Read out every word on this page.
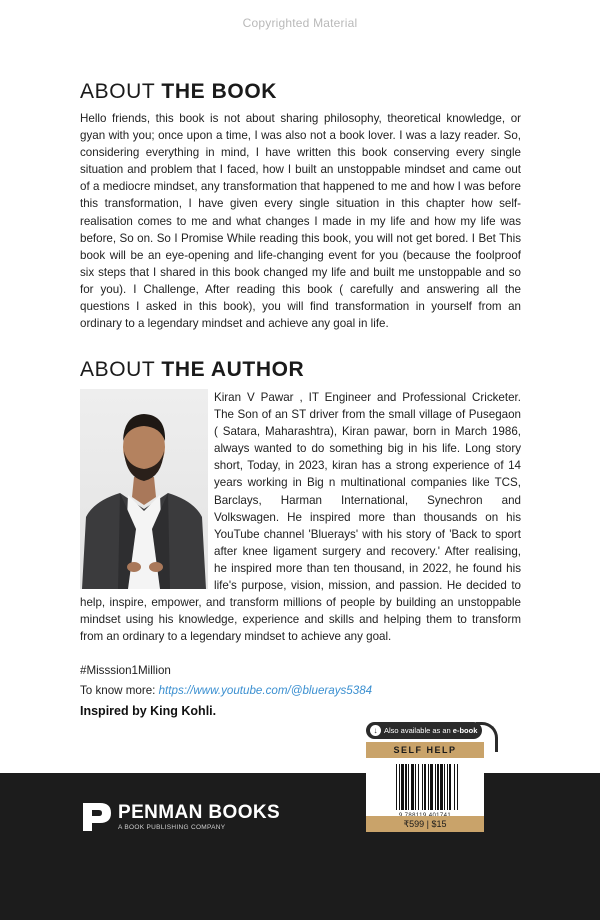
Copyrighted Material
ABOUT THE BOOK

Hello friends, this book is not about sharing philosophy, theoretical knowledge, or gyan with you; once upon a time, I was also not a book lover. I was a lazy reader. So, considering everything in mind, I have written this book conserving every single situation and problem that I faced, how I built an unstoppable mindset and came out of a mediocre mindset, any transformation that happened to me and how I was before this transformation, I have given every single situation in this chapter how self-realisation comes to me and what changes I made in my life and how my life was before, So on. So I Promise While reading this book, you will not get bored. I Bet This book will be an eye-opening and life-changing event for you (because the foolproof six steps that I shared in this book changed my life and built me unstoppable and so for you). I Challenge, After reading this book ( carefully and answering all the questions I asked in this book), you will find transformation in yourself from an ordinary to a legendary mindset and achieve any goal in life.

ABOUT THE AUTHOR
Kiran V Pawar , IT Engineer and Professional Cricketer. The Son of an ST driver from the small village of Pusegaon ( Satara, Maharashtra), Kiran pawar, born in March 1986, always wanted to do something big in his life. Long story short, Today, in 2023, kiran has a strong experience of 14 years working in Big n multinational companies like TCS, Barclays, Harman International, Synechron and Volkswagen. He inspired more than thousands on his YouTube channel 'Bluerays' with his story of 'Back to sport after knee ligament surgery and recovery.' After realising, he inspired more than ten thousand, in 2022, he found his life's purpose, vision, mission, and passion. He decided to help, inspire, empower, and transform millions of people by building an unstoppable mindset using his knowledge, experience and skills and helping them to transform from an ordinary to a legendary mindset to achieve any goal.
#Misssion1Million
To know more: https://www.youtube.com/@bluerays5384
Inspired by King Kohli.
PENMAN BOOKS
A BOOK PUBLISHING COMPANY
↓ Also available as an e-book
SELF HELP
₹599 | $15
